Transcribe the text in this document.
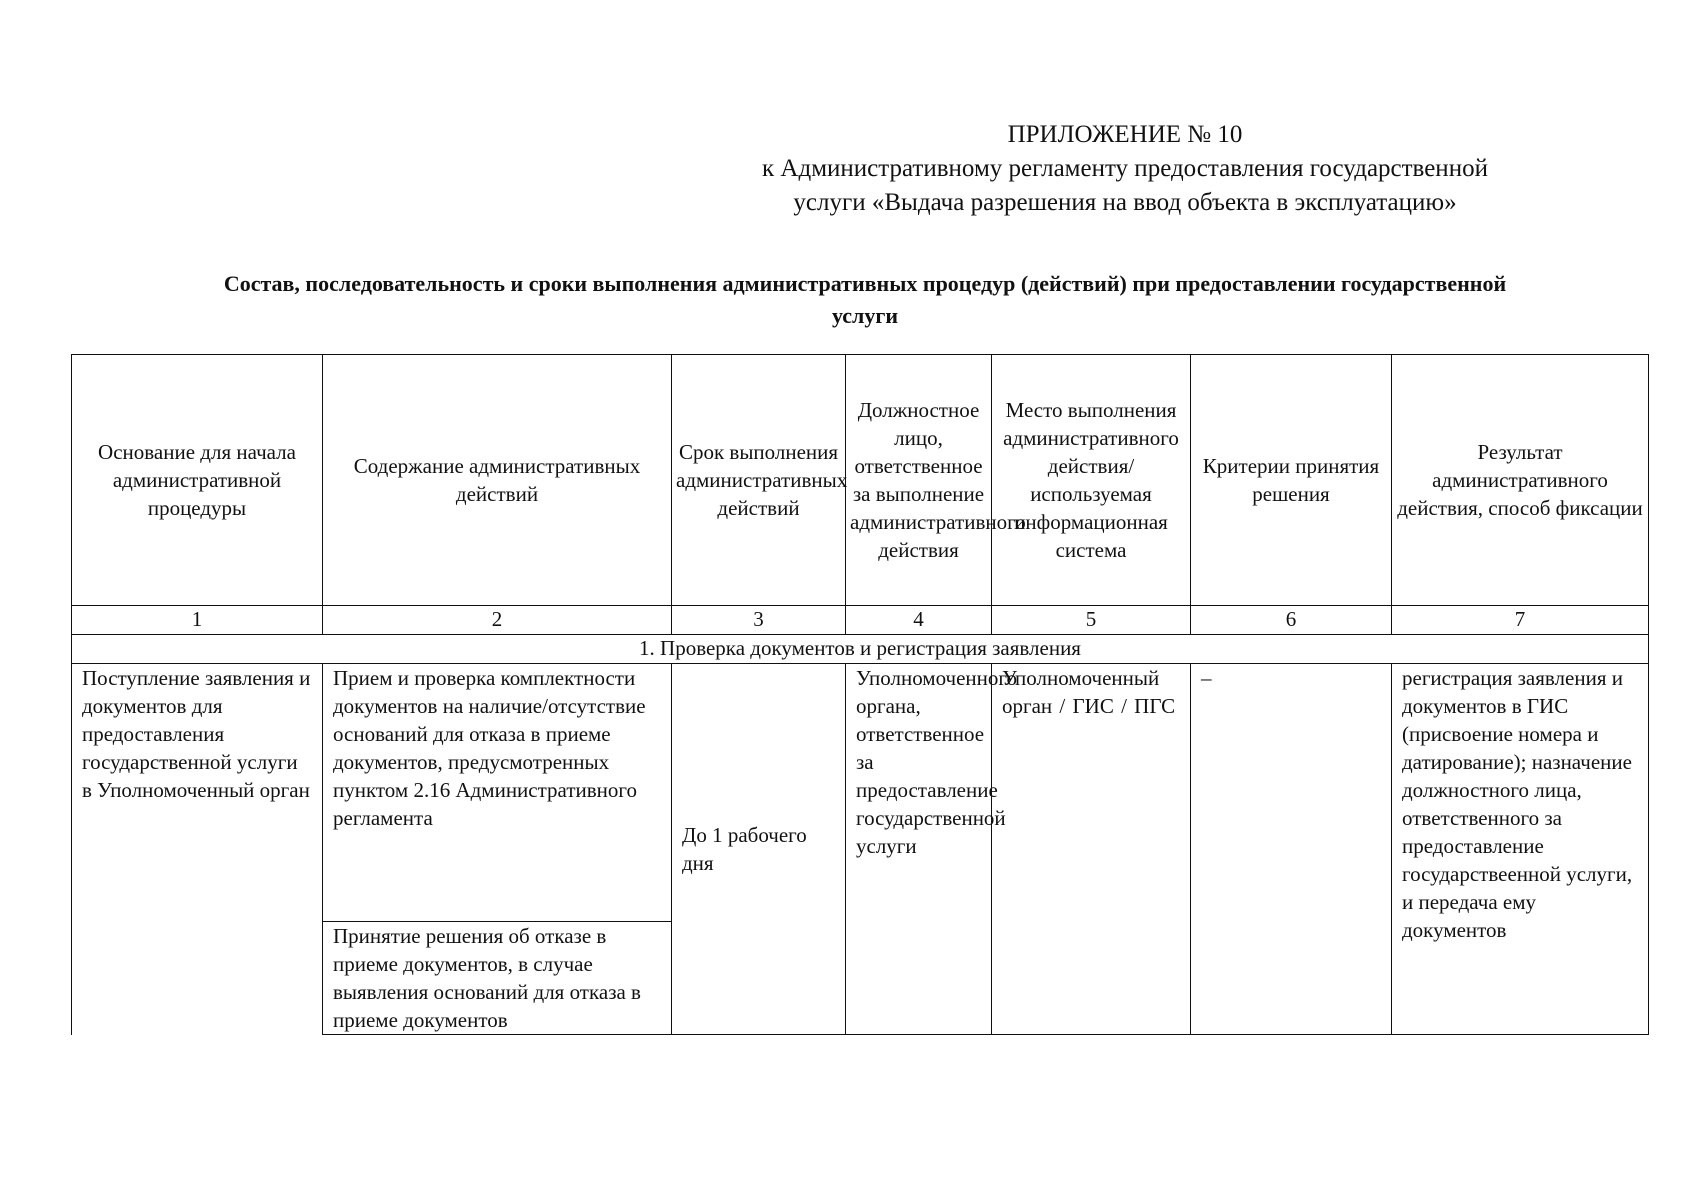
ПРИЛОЖЕНИЕ № 10
к Административному регламенту предоставления государственной
услуги «Выдача разрешения на ввод объекта в эксплуатацию»
Состав, последовательность и сроки выполнения административных процедур (действий) при предоставлении государственной
услуги
Основание для начала административной процедуры	Содержание административных действий	Срок выполнения административных действий	Должностное лицо, ответственное за выполнение административного действия	Место выполнения административного действия/ используемая информационная система	Критерии принятия решения	Результат административного действия, способ фиксации
1	2	3	4	5	6	7
1. Проверка документов и регистрация заявления						
Поступление заявления и документов для предоставления государственной услуги в Уполномоченный орган	Прием и проверка комплектности документов на наличие/отсутствие оснований для отказа в приеме документов, предусмотренных пунктом 2.16 Административного регламента	До 1 рабочего дня	Уполномоченного органа, ответственное за предоставление государственной услуги	Уполномоченный орган / ГИС / ПГС	–	регистрация заявления и документов в ГИС (присвоение номера и датирование); назначение должностного лица, ответственного за предоставление государствеенной услуги, и передача ему документов
	Принятие решения об отказе в приеме документов, в случае выявления оснований для отказа в приеме документов					
